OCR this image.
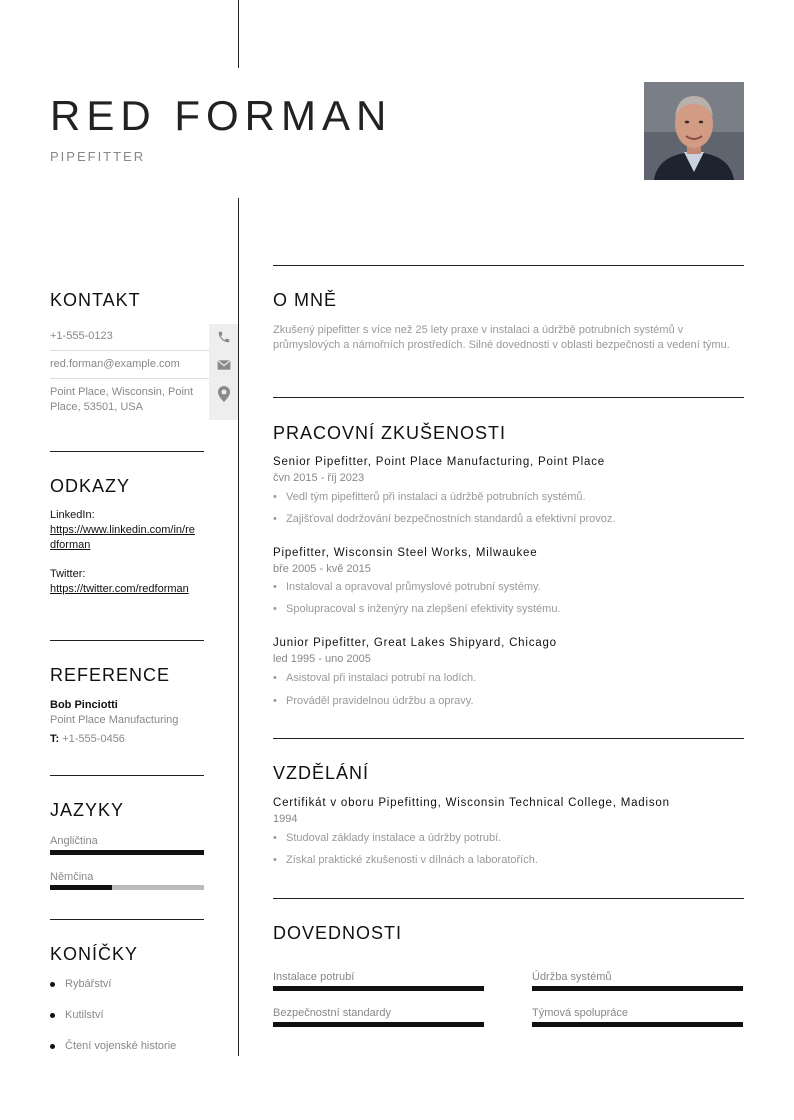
RED FORMAN
PIPEFITTER
KONTAKT
+1-555-0123
red.forman@example.com
Point Place, Wisconsin, Point Place, 53501, USA
ODKAZY
LinkedIn:
https://www.linkedin.com/in/redforman
Twitter:
https://twitter.com/redforman
REFERENCE
Bob Pinciotti
Point Place Manufacturing
T: +1-555-0456
JAZYKY
Angličtina
Němčina
KONÍČKY
Rybářství
Kutilství
Čtení vojenské historie
O MNĚ
Zkušený pipefitter s více než 25 lety praxe v instalaci a údržbě potrubních systémů v průmyslových a námořních prostředích. Silné dovednosti v oblasti bezpečnosti a vedení týmu.
PRACOVNÍ ZKUŠENOSTI
Senior Pipefitter, Point Place Manufacturing, Point Place
čvn 2015 - říj 2023
• Vedl tým pipefitterů při instalaci a údržbě potrubních systémů.
• Zajišťoval dodržování bezpečnostních standardů a efektivní provoz.
Pipefitter, Wisconsin Steel Works, Milwaukee
bře 2005 - kvě 2015
• Instaloval a opravoval průmyslové potrubní systémy.
• Spolupracoval s inženýry na zlepšení efektivity systému.
Junior Pipefitter, Great Lakes Shipyard, Chicago
led 1995 - uno 2005
• Asistoval při instalaci potrubí na lodích.
• Prováděl pravidelnou údržbu a opravy.
VZDĚLÁNÍ
Certifikát v oboru Pipefitting, Wisconsin Technical College, Madison
1994
• Studoval základy instalace a údržby potrubí.
• Získal praktické zkušenosti v dílnách a laboratořích.
DOVEDNOSTI
Instalace potrubí	Údržba systémů
Bezpečnostní standardy	Týmová spolupráce
